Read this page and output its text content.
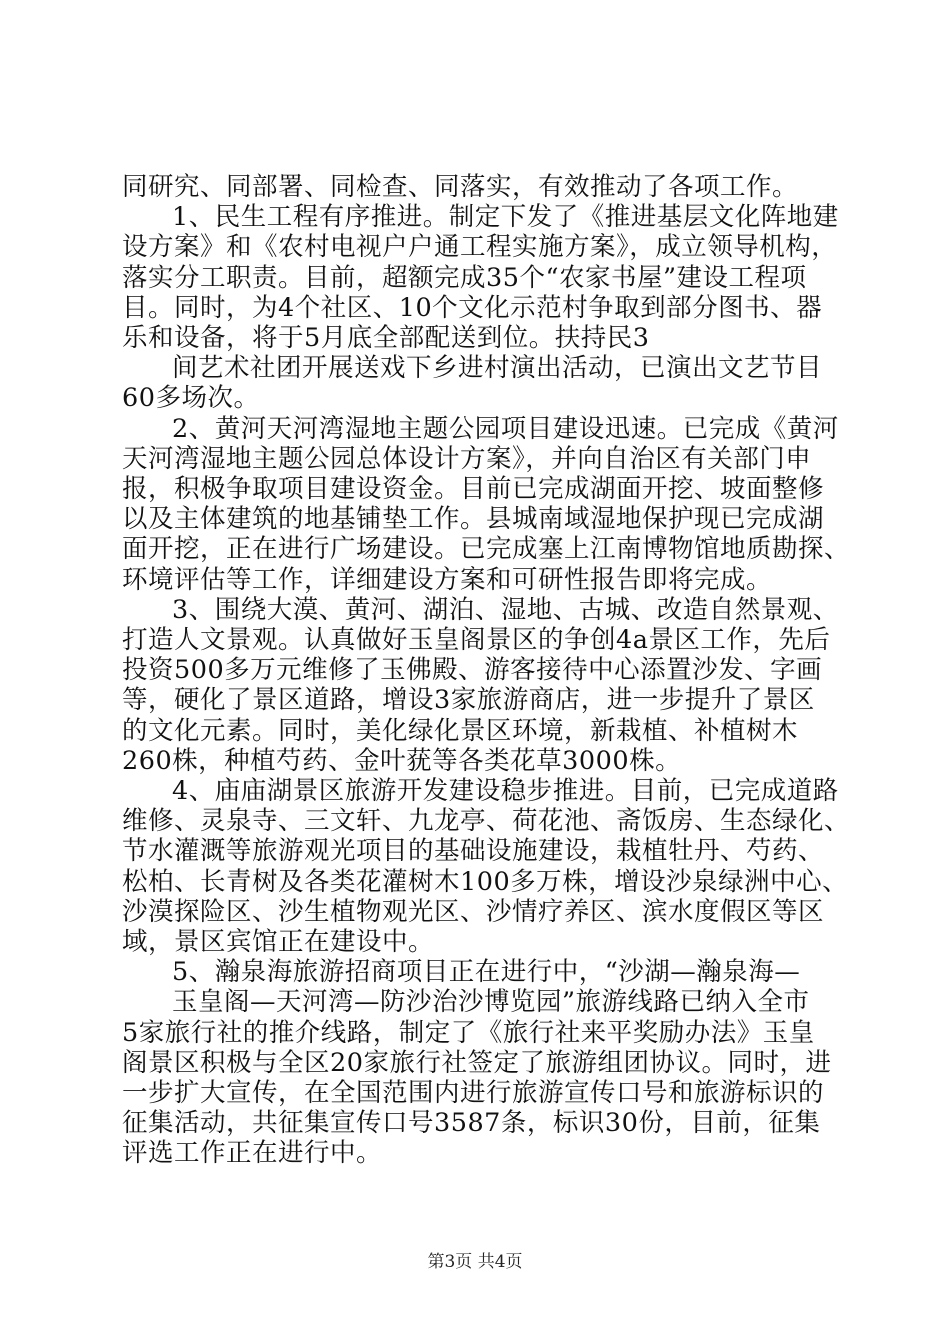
同研究、同部署、同检查、同落实，有效推动了各项工作。
1、民生工程有序推进。制定下发了《推进基层文化阵地建
设方案》和《农村电视户户通工程实施方案》，成立领导机构，
落实分工职责。目前，超额完成35个“农家书屋”建设工程项
目。同时，为4个社区、10个文化示范村争取到部分图书、器
乐和设备，将于5月底全部配送到位。扶持民3
间艺术社团开展送戏下乡进村演出活动，已演出文艺节目
60多场次。
2、黄河天河湾湿地主题公园项目建设迅速。已完成《黄河
天河湾湿地主题公园总体设计方案》，并向自治区有关部门申
报，积极争取项目建设资金。目前已完成湖面开挖、坡面整修
以及主体建筑的地基铺垫工作。县城南域湿地保护现已完成湖
面开挖，正在进行广场建设。已完成塞上江南博物馆地质勘探、
环境评估等工作，详细建设方案和可研性报告即将完成。
3、围绕大漠、黄河、湖泊、湿地、古城、改造自然景观、
打造人文景观。认真做好玉皇阁景区的争创4a景区工作，先后
投资500多万元维修了玉佛殿、游客接待中心添置沙发、字画
等，硬化了景区道路，增设3家旅游商店，进一步提升了景区
的文化元素。同时，美化绿化景区环境，新栽植、补植树木
260株，种植芍药、金叶莸等各类花草3000株。
4、庙庙湖景区旅游开发建设稳步推进。目前，已完成道路
维修、灵泉寺、三文轩、九龙亭、荷花池、斋饭房、生态绿化、
节水灌溉等旅游观光项目的基础设施建设，栽植牡丹、芍药、
松柏、长青树及各类花灌树木100多万株，增设沙泉绿洲中心、
沙漠探险区、沙生植物观光区、沙情疗养区、滨水度假区等区
域，景区宾馆正在建设中。
5、瀚泉海旅游招商项目正在进行中，“沙湖—瀚泉海—
玉皇阁—天河湾—防沙治沙博览园”旅游线路已纳入全市
5家旅行社的推介线路，制定了《旅行社来平奖励办法》玉皇
阁景区积极与全区20家旅行社签定了旅游组团协议。同时，进
一步扩大宣传，在全国范围内进行旅游宣传口号和旅游标识的
征集活动，共征集宣传口号3587条，标识30份，目前，征集
评选工作正在进行中。
第3页 共4页
